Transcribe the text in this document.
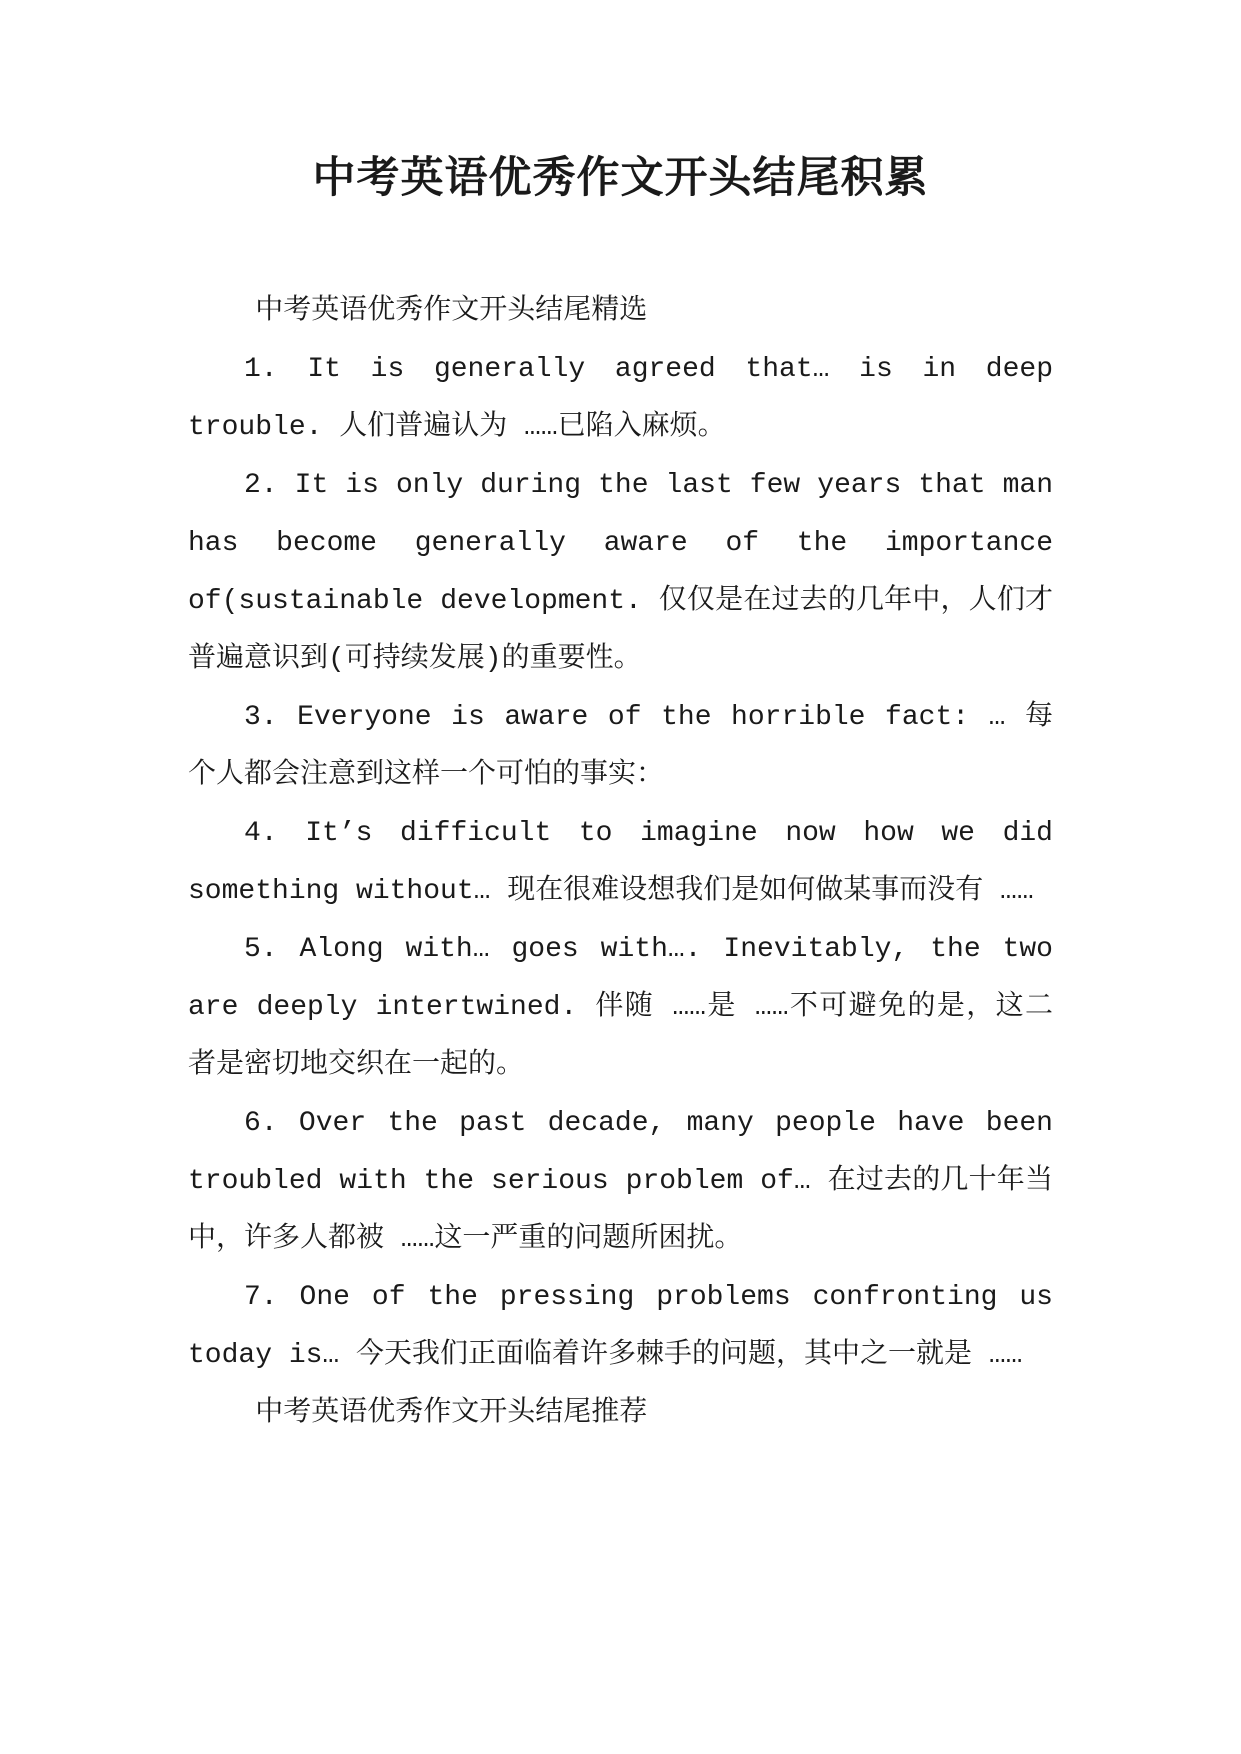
中考英语优秀作文开头结尾积累

中考英语优秀作文开头结尾精选

1. It is generally agreed that… is in deep trouble. 人们普遍认为 ……已陷入麻烦。

2. It is only during the last few years that man has become generally aware of the importance of(sustainable development. 仅仅是在过去的几年中，人们才普遍意识到(可持续发展)的重要性。

3. Everyone is aware of the horrible fact: … 每个人都会注意到这样一个可怕的事实：

4. It’s difficult to imagine now how we did something without… 现在很难设想我们是如何做某事而没有 ……

5. Along with… goes with…. Inevitably, the two are deeply intertwined. 伴随 ……是 ……不可避免的是，这二者是密切地交织在一起的。

6. Over the past decade, many people have been troubled with the serious problem of… 在过去的几十年当中，许多人都被 ……这一严重的问题所困扰。

7. One of the pressing problems confronting us today is… 今天我们正面临着许多棘手的问题，其中之一就是 ……

中考英语优秀作文开头结尾推荐
